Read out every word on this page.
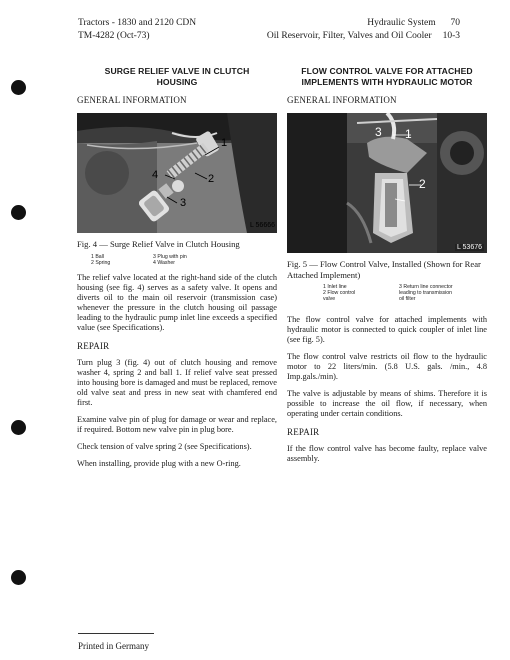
Tractors - 1830 and 2120 CDN
TM-4282 (Oct-73)
Hydraulic System 70
Oil Reservoir, Filter, Valves and Oil Cooler 10-3
SURGE RELIEF VALVE IN CLUTCH HOUSING
GENERAL INFORMATION
1
2
3
4
L 56666
Fig. 4 — Surge Relief Valve in Clutch Housing
1 Ball	3 Plug with pin
2 Spring	4 Washer

The relief valve located at the right-hand side of the clutch housing (see fig. 4) serves as a safety valve. It opens and diverts oil to the main oil reservoir (transmission case) whenever the pressure in the clutch housing oil passage leading to the hydraulic pump inlet line exceeds a specified value (see Specifications).

REPAIR

Turn plug 3 (fig. 4) out of clutch housing and remove washer 4, spring 2 and ball 1. If relief valve seat pressed into housing bore is damaged and must be replaced, remove old valve seat and press in new seat with chamfered end first.

Examine valve pin of plug for damage or wear and replace, if required. Bottom new valve pin in plug bore.

Check tension of valve spring 2 (see Specifications).

When installing, provide plug with a new O-ring.

FLOW CONTROL VALVE FOR ATTACHED IMPLEMENTS WITH HYDRAULIC MOTOR
GENERAL INFORMATION
3 1
2
L 53676
Fig. 5 — Flow Control Valve, Installed (Shown for Rear Attached Implement)
1 Inlet line	3 Return line connector
2 Flow control	leading to transmission
valve	oil filter

The flow control valve for attached implements with hydraulic motor is connected to quick coupler of inlet line (see fig. 5).

The flow control valve restricts oil flow to the hydraulic motor to 22 liters/min. (5.8 U.S. gals. /min., 4.8 Imp.gals./min).

The valve is adjustable by means of shims. Therefore it is possible to increase the oil flow, if necessary, when operating under certain conditions.

REPAIR

If the flow control valve has become faulty, replace valve assembly.

Printed in Germany
